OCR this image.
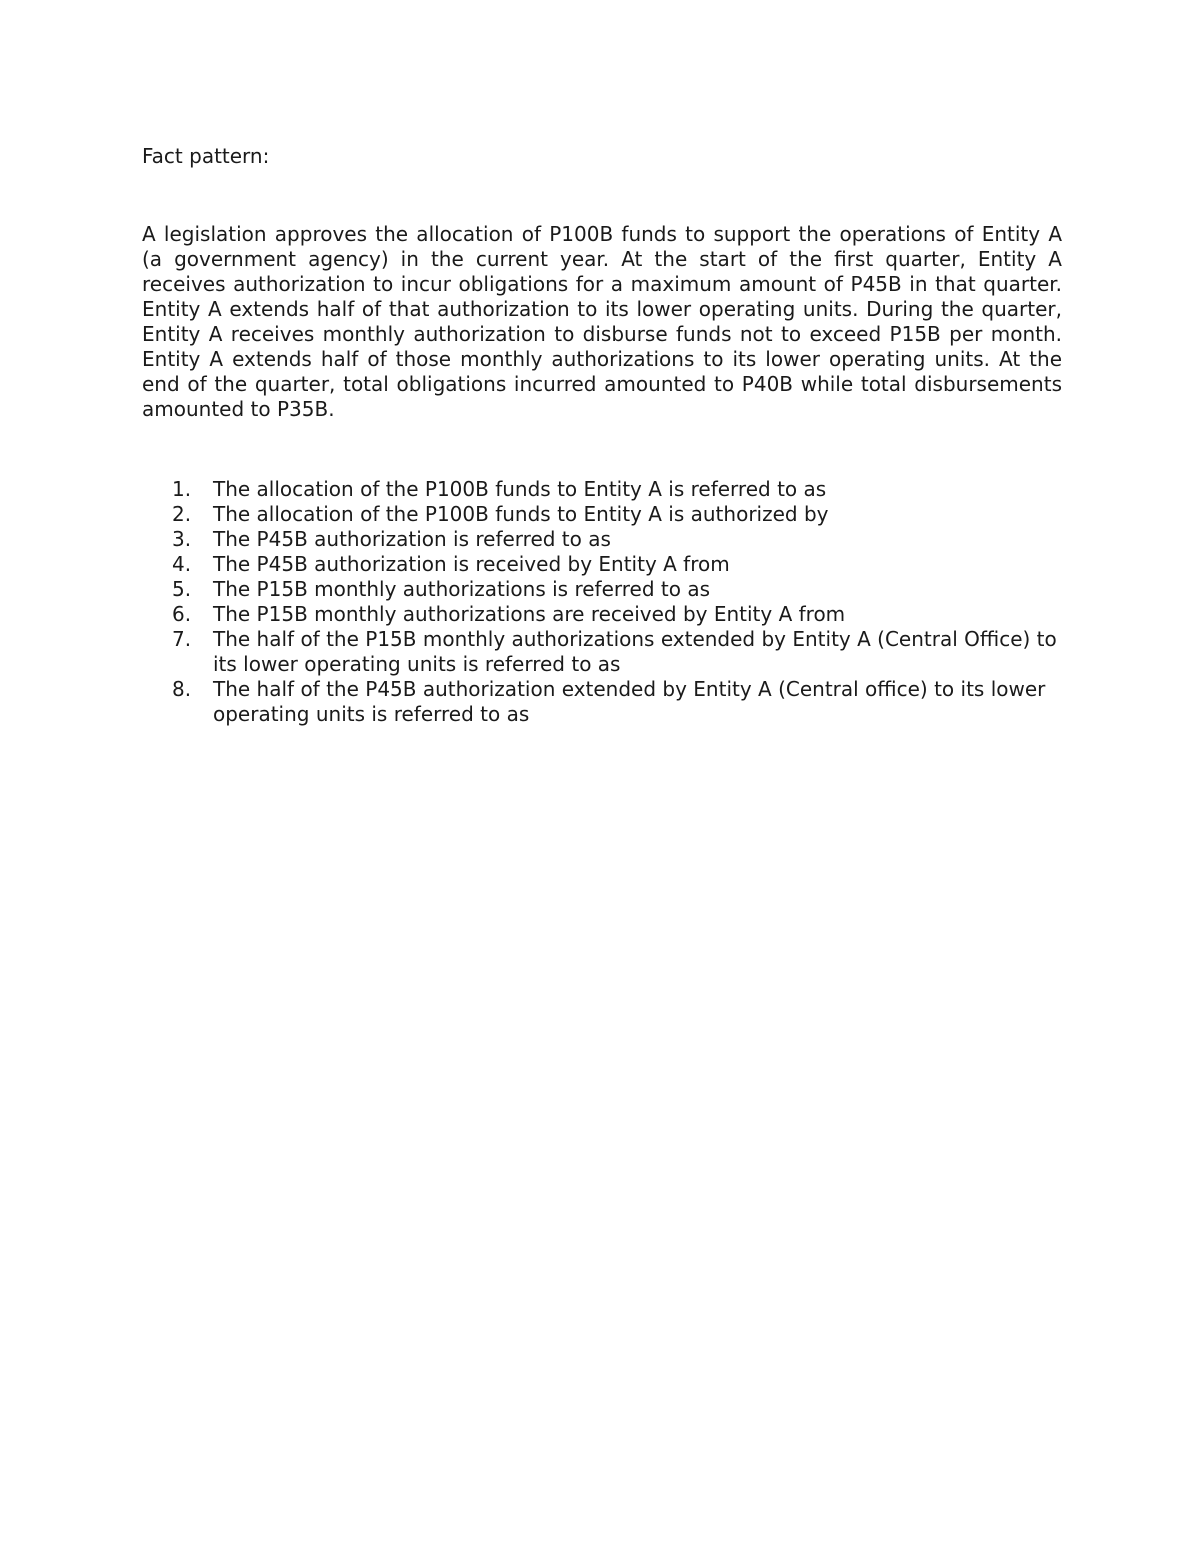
Fact pattern:

A legislation approves the allocation of P100B funds to support the operations of Entity A (a government agency) in the current year. At the start of the first quarter, Entity A receives authorization to incur obligations for a maximum amount of P45B in that quarter. Entity A extends half of that authorization to its lower operating units. During the quarter, Entity A receives monthly authorization to disburse funds not to exceed P15B per month. Entity A extends half of those monthly authorizations to its lower operating units. At the end of the quarter, total obligations incurred amounted to P40B while total disbursements amounted to P35B.

1.	The allocation of the P100B funds to Entity A is referred to as
2.	The allocation of the P100B funds to Entity A is authorized by
3.	The P45B authorization is referred to as
4.	The P45B authorization is received by Entity A from
5.	The P15B monthly authorizations is referred to as
6.	The P15B monthly authorizations are received by Entity A from
7.	The half of the P15B monthly authorizations extended by Entity A (Central Office) to its lower operating units is referred to as
8.	The half of the P45B authorization extended by Entity A (Central office) to its lower operating units is referred to as
